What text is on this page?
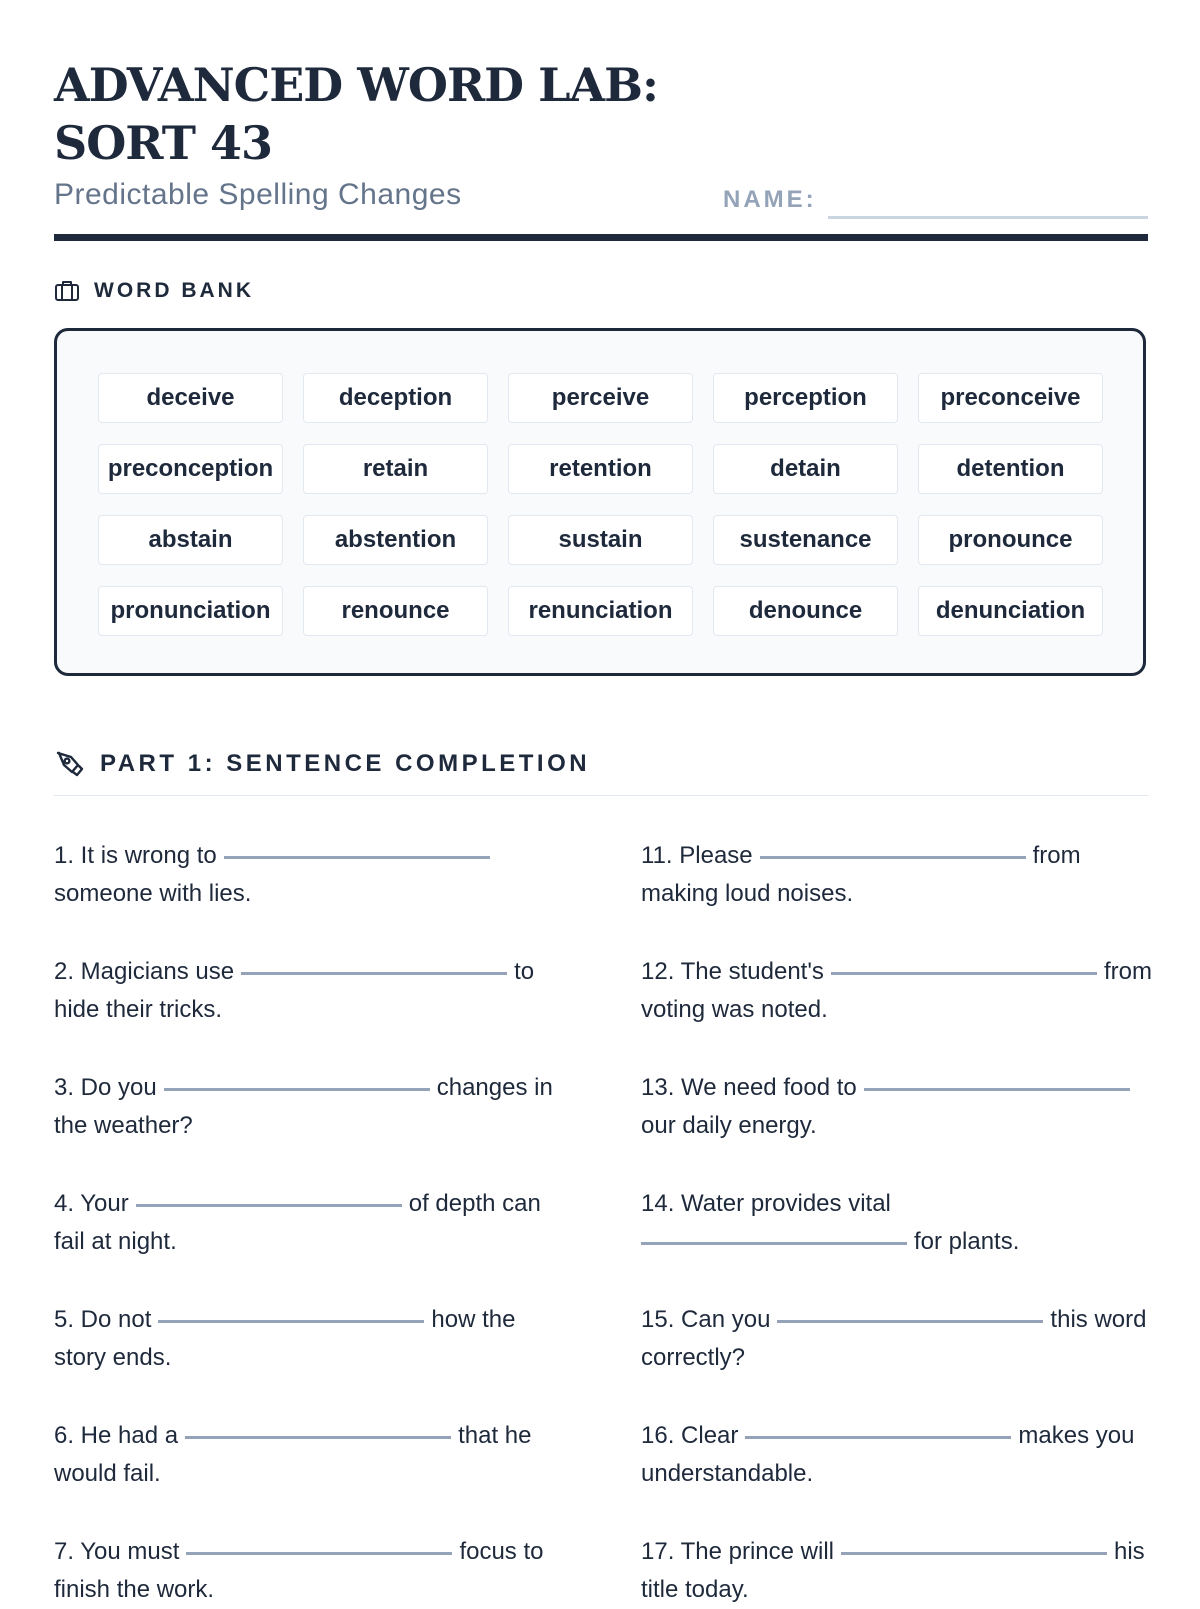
ADVANCED WORD LAB:
SORT 43
Predictable Spelling Changes	NAME:
WORD BANK
deceive	deception	perceive	perception	preconceive
preconception	retain	retention	detain	detention
abstain	abstention	sustain	sustenance	pronounce
pronunciation	renounce	renunciation	denounce	denunciation
PART 1: SENTENCE COMPLETION
1. It is wrong tosomeone with lies.
2. Magicians use	to hide their tricks.
3. Do you	changes in the weather?
4. Your	of depth can fail at night.
5. Do not	how the story ends.
6. He had a	that he would fail.
7. You must	focus to finish the work.
11. Please	from making loud noises.
12. The student's	from voting was noted.
13. We need food toour daily energy.
14. Water provides vital
for plants.
15. Can you	this word correctly?
16. Clear	makes you understandable.
17. The prince will	his title today.
